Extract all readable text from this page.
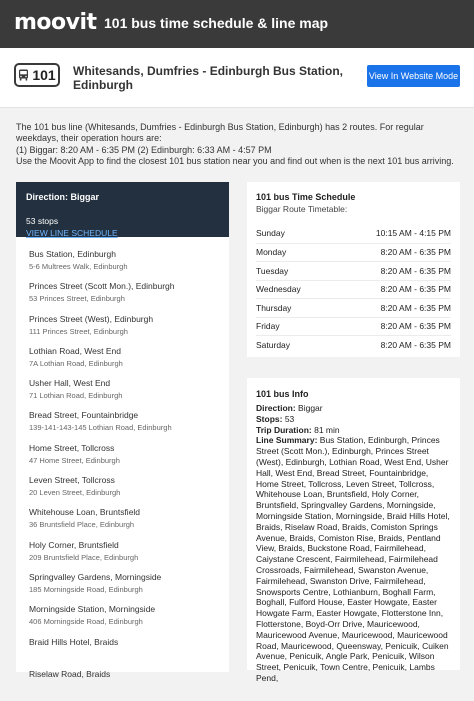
moovit 101 bus time schedule & line map
101 Whitesands, Dumfries - Edinburgh Bus Station, Edinburgh
View In Website Mode

The 101 bus line (Whitesands, Dumfries - Edinburgh Bus Station, Edinburgh) has 2 routes. For regular weekdays, their operation hours are:

(1) Biggar: 8:20 AM - 6:35 PM (2) Edinburgh: 6:33 AM - 4:57 PM

Use the Moovit App to find the closest 101 bus station near you and find out when is the next 101 bus arriving.

Direction: Biggar
53 stops
VIEW LINE SCHEDULE
Bus Station, Edinburgh
5-6 Multrees Walk, Edinburgh
Princes Street (Scott Mon.), Edinburgh
53 Princes Street, Edinburgh
Princes Street (West), Edinburgh
111 Princes Street, Edinburgh
Lothian Road, West End
7A Lothian Road, Edinburgh
Usher Hall, West End
71 Lothian Road, Edinburgh
Bread Street, Fountainbridge
139-141-143-145 Lothian Road, Edinburgh
Home Street, Tollcross
47 Home Street, Edinburgh
Leven Street, Tollcross
20 Leven Street, Edinburgh
Whitehouse Loan, Bruntsfield
36 Bruntsfield Place, Edinburgh
Holy Corner, Bruntsfield
209 Bruntsfield Place, Edinburgh
Springvalley Gardens, Morningside
185 Morningside Road, Edinburgh
Morningside Station, Morningside
406 Morningside Road, Edinburgh
Braid Hills Hotel, Braids
Riselaw Road, Braids
101 bus Time Schedule
Biggar Route Timetable:
Sunday	10:15 AM - 4:15 PM
Monday	8:20 AM - 6:35 PM
Tuesday	8:20 AM - 6:35 PM
Wednesday	8:20 AM - 6:35 PM
Thursday	8:20 AM - 6:35 PM
Friday	8:20 AM - 6:35 PM
Saturday	8:20 AM - 6:35 PM
101 bus Info
Direction: Biggar
Stops: 53
Trip Duration: 81 min
Line Summary: Bus Station, Edinburgh, Princes Street (Scott Mon.), Edinburgh, Princes Street (West), Edinburgh, Lothian Road, West End, Usher Hall, West End, Bread Street, Fountainbridge, Home Street, Tollcross, Leven Street, Tollcross, Whitehouse Loan, Bruntsfield, Holy Corner, Bruntsfield, Springvalley Gardens, Morningside, Morningside Station, Morningside, Braid Hills Hotel, Braids, Riselaw Road, Braids, Comiston Springs Avenue, Braids, Comiston Rise, Braids, Pentland View, Braids, Buckstone Road, Fairmilehead, Caiystane Crescent, Fairmilehead, Fairmilehead Crossroads, Fairmilehead, Swanston Avenue, Fairmilehead, Swanston Drive, Fairmilehead, Snowsports Centre, Lothianburn, Boghall Farm, Boghall, Fulford House, Easter Howgate, Easter Howgate Farm, Easter Howgate, Flotterstone Inn, Flotterstone, Boyd-Orr Drive, Mauricewood, Mauricewood Avenue, Mauricewood, Mauricewood Road, Mauricewood, Queensway, Penicuik, Cuiken Avenue, Penicuik, Angle Park, Penicuik, Wilson Street, Penicuik, Town Centre, Penicuik, Lambs Pend,
